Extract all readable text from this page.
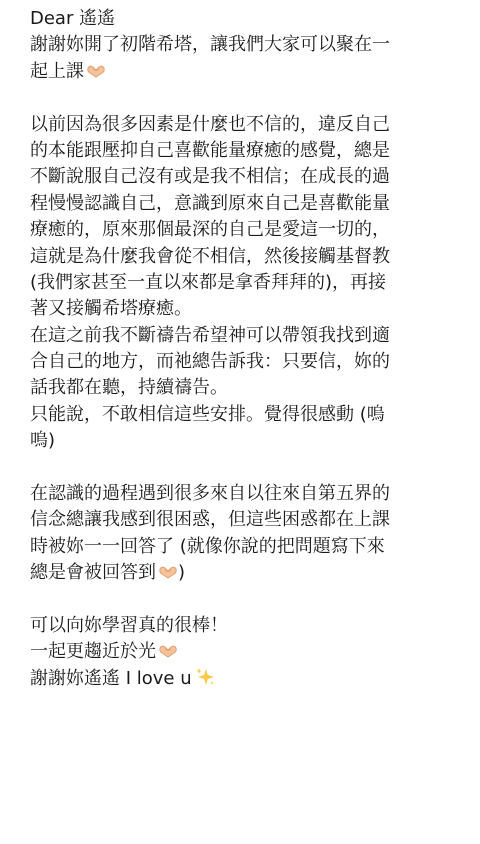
Dear 遙遙
謝謝妳開了初階希塔，讓我們大家可以聚在一
起上課
以前因為很多因素是什麼也不信的，違反自己
的本能跟壓抑自己喜歡能量療癒的感覺，總是
不斷說服自己沒有或是我不相信；在成長的過
程慢慢認識自己，意識到原來自己是喜歡能量
療癒的，原來那個最深的自己是愛這一切的，
這就是為什麼我會從不相信，然後接觸基督教
(我們家甚至一直以來都是拿香拜拜的)，再接
著又接觸希塔療癒。
在這之前我不斷禱告希望神可以帶領我找到適
合自己的地方，而祂總告訴我：只要信，妳的
話我都在聽，持續禱告。
只能說，不敢相信這些安排。覺得很感動 (嗚
嗚)
在認識的過程遇到很多來自以往來自第五界的
信念總讓我感到很困惑，但這些困惑都在上課
時被妳一一回答了 (就像你說的把問題寫下來
總是會被回答到 )
可以向妳學習真的很棒！
一起更趨近於光
謝謝妳遙遙 I love u
